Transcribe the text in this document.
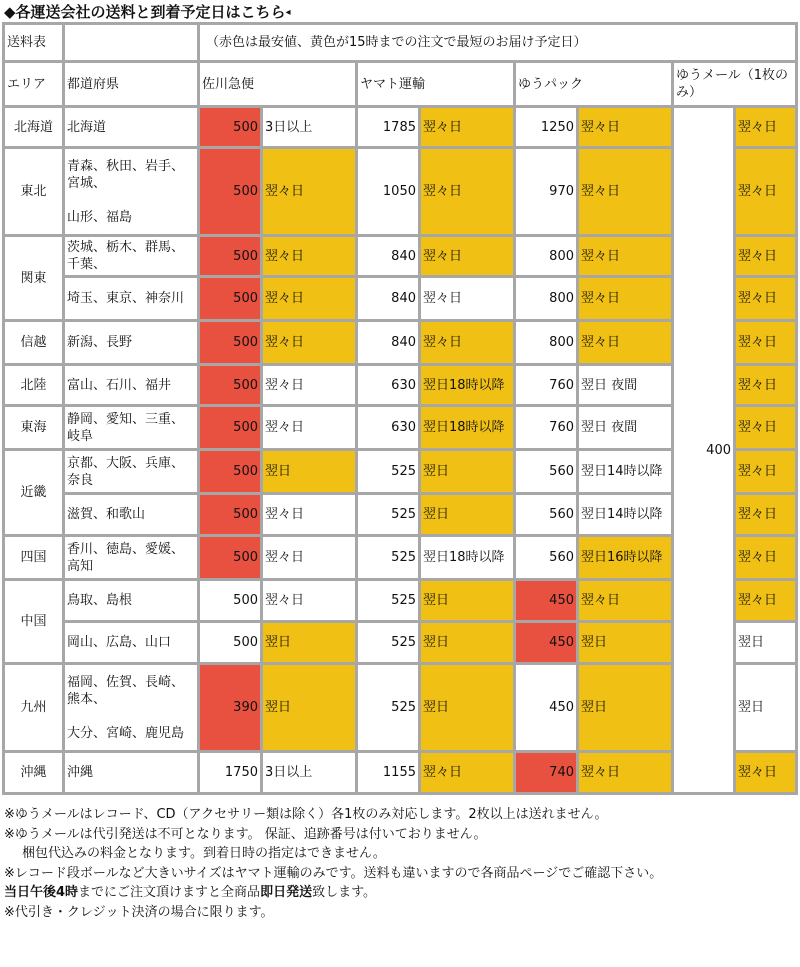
◆各運送会社の送料と到着予定日はこちら◂
送料表		（赤色は最安値、黄色が15時までの注文で最短のお届け予定日）							
エリア	都道府県	佐川急便		ヤマト運輸		ゆうパック		ゆうメール（1枚のみ）	
北海道	北海道	500	3日以上	1785	翌々日	1250	翌々日	400	翌々日
東北	青森、秋田、岩手、宮城、

山形、福島	500	翌々日	1050	翌々日	970	翌々日		翌々日
関東	茨城、栃木、群馬、千葉、	500	翌々日	840	翌々日	800	翌々日		翌々日
	埼玉、東京、神奈川	500	翌々日	840	翌々日	800	翌々日		翌々日
信越	新潟、長野	500	翌々日	840	翌々日	800	翌々日		翌々日
北陸	富山、石川、福井	500	翌々日	630	翌日18時以降	760	翌日 夜間		翌々日
東海	静岡、愛知、三重、岐阜	500	翌々日	630	翌日18時以降	760	翌日 夜間		翌々日
近畿	京都、大阪、兵庫、奈良	500	翌日	525	翌日	560	翌日14時以降		翌々日
	滋賀、和歌山	500	翌々日	525	翌日	560	翌日14時以降		翌々日
四国	香川、徳島、愛媛、高知	500	翌々日	525	翌日18時以降	560	翌日16時以降		翌々日
中国	鳥取、島根	500	翌々日	525	翌日	450	翌々日		翌々日
	岡山、広島、山口	500	翌日	525	翌日	450	翌日		翌日
九州	福岡、佐賀、長崎、熊本、

大分、宮崎、鹿児島	390	翌日	525	翌日	450	翌日		翌日
沖縄	沖縄	1750	3日以上	1155	翌々日	740	翌々日		翌々日
※ゆうメールはレコード、CD（アクセサリー類は除く）各1枚のみ対応します。2枚以上は送れません。
※ゆうメールは代引発送は不可となります。 保証、追跡番号は付いておりません。
梱包代込みの料金となります。到着日時の指定はできません。
※レコード段ボールなど大きいサイズはヤマト運輸のみです。送料も違いますので各商品ページでご確認下さい。
当日午後4時までにご注文頂けますと全商品即日発送致します。
※代引き・クレジット決済の場合に限ります。
